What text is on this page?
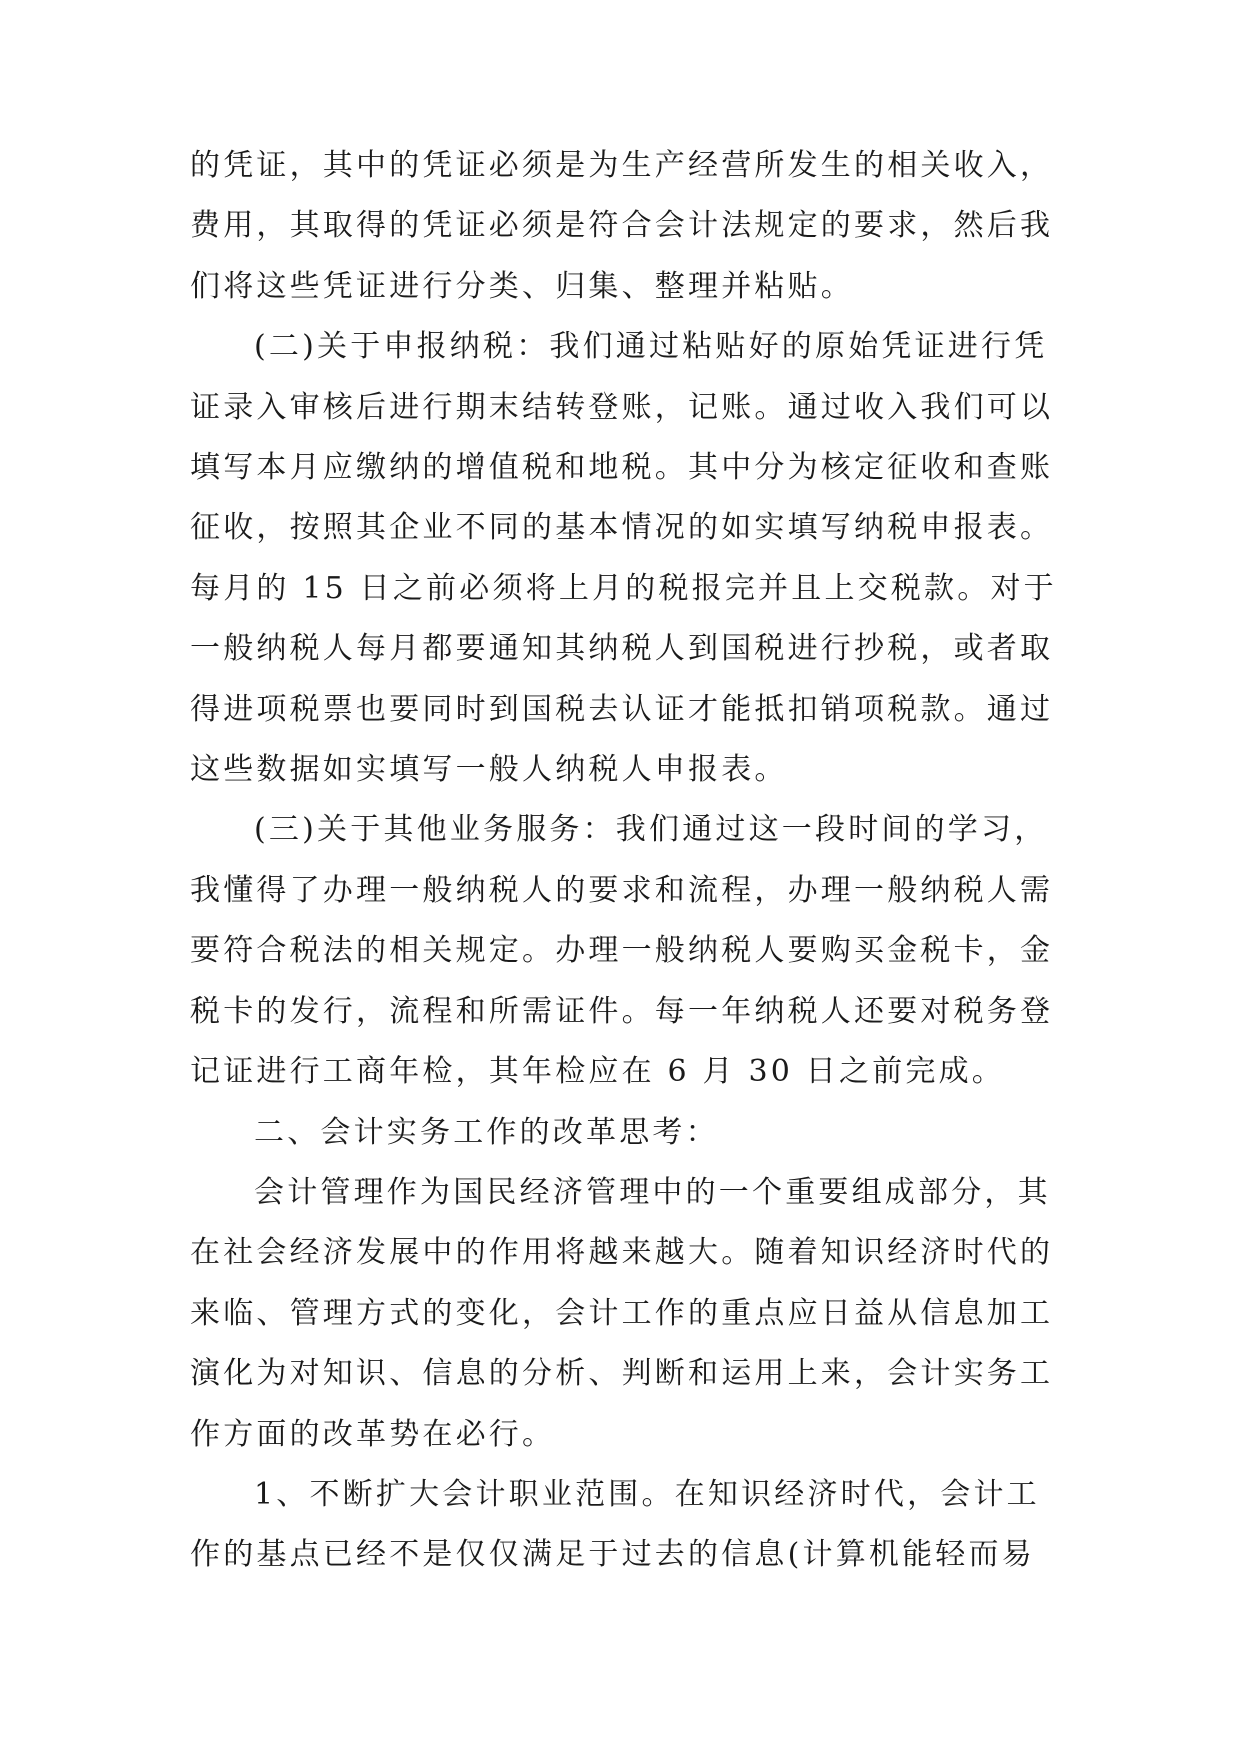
的凭证，其中的凭证必须是为生产经营所发生的相关收入，
费用，其取得的凭证必须是符合会计法规定的要求，然后我
们将这些凭证进行分类、归集、整理并粘贴。

(二)关于申报纳税：我们通过粘贴好的原始凭证进行凭
证录入审核后进行期末结转登账，记账。通过收入我们可以
填写本月应缴纳的增值税和地税。其中分为核定征收和查账
征收，按照其企业不同的基本情况的如实填写纳税申报表。
每月的 15 日之前必须将上月的税报完并且上交税款。对于
一般纳税人每月都要通知其纳税人到国税进行抄税，或者取
得进项税票也要同时到国税去认证才能抵扣销项税款。通过
这些数据如实填写一般人纳税人申报表。

(三)关于其他业务服务：我们通过这一段时间的学习，
我懂得了办理一般纳税人的要求和流程，办理一般纳税人需
要符合税法的相关规定。办理一般纳税人要购买金税卡，金
税卡的发行，流程和所需证件。每一年纳税人还要对税务登
记证进行工商年检，其年检应在 6 月 30 日之前完成。

二、会计实务工作的改革思考：

会计管理作为国民经济管理中的一个重要组成部分，其
在社会经济发展中的作用将越来越大。随着知识经济时代的
来临、管理方式的变化，会计工作的重点应日益从信息加工
演化为对知识、信息的分析、判断和运用上来，会计实务工
作方面的改革势在必行。

1、不断扩大会计职业范围。在知识经济时代，会计工
作的基点已经不是仅仅满足于过去的信息(计算机能轻而易
